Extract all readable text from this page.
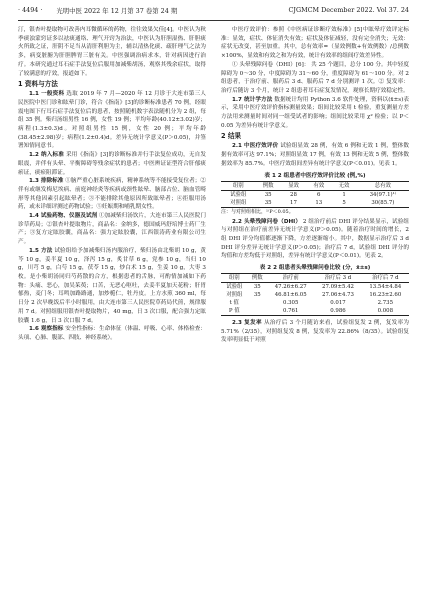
· 4494 · 光明中医 2022 年 12 月第 37 卷第 24 期	CJGMCM December 2022. Vol 37. 24

汀，银杏叶提取物可改善内耳微循环的药物，往往效果欠佳[4]。中医认为秋季痰浊蒙窍证多以祛痰通络、理气开窍为治法，中医认为肝胆湿热、肝胆痰火所致之证，肝阴不足当从清肝利胆为主，辅以清热化痰、疏肝理气之法为多，病变脏腑为肝胆脾胃三脏有关。中医强调治病求本，针对病因进行治疗。本研究通过耳石症手法复位后服用加减柴胡汤，观察其残余症状，取得了较满意的疗效，报道如下。

1 资料与方法

1.1 一般资料 选取 2019 年 7 月—2020 年 12 月诊于大连市第三人民医院中医门诊和眩晕门诊，符合《指南》[3]的诊断标准患者 70 例，经眼震电图下行耳石症手法复位后的患者，按照随机数字表法随机分为 2 组，每组 35 例。柴归汤组男性 16 例，女性 19 例；平均年龄(40.12±3.02)岁；病程(1.3±0.3)d。对照组男性 15 例，女性 20 例；平均年龄(38.45±2.98)岁；病程(1.2±0.4)d。差异无统计学意义(P＞0.05)，并签署知情同意书。

1.2 纳入标准 采用《指南》[3]的诊断标准并行手法复位成功，无自发眼震，并伴有头晕、平衡障碍等残余症状的患者；中医辨证证型符合肝郁痰瘀证，痰瘀阻滞证。

1.3 排除标准 ①脑严重心脏系统疾病，精神系统等不能接受复位者；②伴有或继发梅尼埃病、前庭神经炎等疾病或颈性眩晕、脑部占位、脑血管畸形等其他因素引起眩晕者；③不能排除其他原因所致眩晕者；④拒服用汤药，或未详细评测过药物试验；⑤妊娠期和哺乳期女性。

1.4 试验药物、仪器及试剂 ①加减柴归汤饮片，大连市第三人民医院门诊草药局；②银杏叶提取物片，商品名：金纳多，德国威玛舒培博士药厂生产；③复方定眩胶囊，商品名：强力定眩胶囊，江西银涛药业有限公司生产。

1.5 方法 试验组给予加减柴归汤内服治疗，柴归汤由北柴胡 10 g，黄芩 10 g，姜半夏 10 g，泽泻 15 g，炙甘草 6 g，党参 10 g，当归 10 g，川芎 5 g，白芍 15 g，茯苓 15 g，炒白术 15 g，生姜 10 g，大枣 3 枚。是小柴胡汤同归芍药散的合方，根据患者的舌脉，可酌情加减如下药物：头痛、恶心，加吴茱萸；口苦，无恶心呕吐，去姜半夏加天花粉；肝胃郁热，麦门冬；耳鸣加路路通，加炒栀仁，牡丹皮。上方水煎 360 ml，每日分 2 次早晚饭后半小时服用，由大连市第三人民医院草药局代煎，规律服用 7 d。对照组服用银杏叶提取物片，40 mg，日 3 次口服，配合强力定眩胶囊 1.6 g，日 3 次口服 7 d。

1.6 观察指标 安全性指标：生命体征（体温、呼吸、心率、体格检查：头项、心肺、腹部、四肢、神经系统）。

中医疗效评价：参照《中医病证诊断疗效标准》[5]中眩晕疗效评定标准：显效，症状、体征消失有效；症状及体征减轻，没有完全消失；无效：症状无改变，甚至加重。其中，总有效率=（显效例数+有效例数）/总例数×100%，显效和有效之和为有效，统计有效率的组间疗效差异性。

① 头晕残障问卷（DHI）[6]： 共 25 个题目，总分 100 分。其中轻度障碍为 0～30 分，中度障碍为 31～60 分，重度障碍为 61～100 分。对 2 组患者，于治疗前、服药后 3 d、服药后 7 d 分别测评 1 次。② 复发率：治疗后随访 3 个月，统计 2 组患者耳石症复发情况，观察长期疗效稳定性。

1.7 统计学方法 数据统计均用 Python 3.6 软件处理，资料以(x̄±s)表示，采用中医疗效评价指标测量效果；组间比较采用 t 检验，重复测量方差方法用来测量时间对同一组受试者的影响；组间比较采用 χ² 检验；以 P＜0.05 为差异有统计学意义。

2 结果

2.1 中医疗效评价 试验组显效 28 例，有效 6 例和无效 1 例，整体数据有效率可达 97.1%；对照组显效 17 例，有效 13 例和无效 5 例，整体数据效率为 85.7%。中医疗效组间差异有统计学意义(P＜0.01)。见表 1。

表 1 2 组患者中医疗效评价比较 (例,%)
组别	例数	显效	有效	无效	总有效
试验组	35	28	6	1	34(97.1)¹⁾
对照组	35	17	13	5	30(85.7)
注：与对照组相比，¹⁾P＜0.05。

2.2 头晕残障问卷（DHI） 2 组治疗前后 DHI 评分结果显示，试验组与对照组在治疗前差异无统计学意义(P＞0.05)。随着治疗时间的增长，2 组 DHI 评分均值都逐渐下降，方差逐渐缩小。其中，数据显示治疗后 3 d DHI 评分差异无统计学意义(P＞0.05)；治疗后 7 d，试验组 DHI 评分的均值和方差均低于对照组，差异有统计学意义(P＜0.01)。见表 2。

表 2 2 组患者头晕残障问卷比较 (分，x̄±s)
组别	例数	治疗前	治疗后 3 d	治疗后 7 d
试验组	35	47.26±6.27	27.09±5.42	13.54±4.84
对照组	35	46.81±6.05	27.06±4.73	16.23±2.60
t 值		0.305	0.017	2.735
P 值		0.761	0.986	0.008

2.3 复发率 从治疗后 3 个月随访来看，试验组复发 2 例，复发率为 5.71%（2/35），对照组复发 8 例，复发率为 22.86%（8/35）。试验组复发率明显低于对照
